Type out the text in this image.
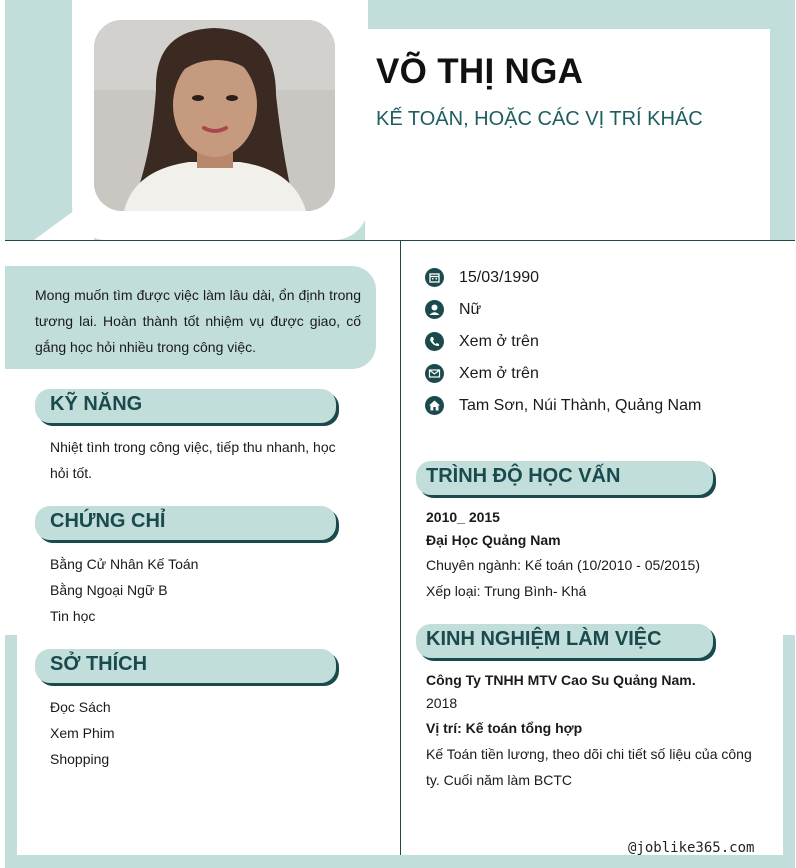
VÕ THỊ NGA
KẾ TOÁN, HOẶC CÁC VỊ TRÍ KHÁC
Mong muốn tìm được việc làm lâu dài, ổn định trong tương lai. Hoàn thành tốt nhiệm vụ được giao, cố gắng học hỏi nhiều trong công việc.
KỸ NĂNG
Nhiệt tình trong công việc, tiếp thu nhanh, học hỏi tốt.
CHỨNG CHỈ
Bằng Cử Nhân Kế Toán
Bằng Ngoại Ngữ B
Tin học
SỞ THÍCH
Đọc Sách
Xem Phim
Shopping
15/03/1990
Nữ
Xem ở trên
Xem ở trên
Tam Sơn, Núi Thành, Quảng Nam
TRÌNH ĐỘ HỌC VẤN
2010_ 2015
Đại Học Quảng Nam
Chuyên ngành: Kế toán (10/2010 - 05/2015)
Xếp loại: Trung Bình- Khá
KINH NGHIỆM LÀM VIỆC
Công Ty TNHH MTV Cao Su Quảng Nam.
2018
Vị trí: Kế toán tổng hợp
Kế Toán tiền lương, theo dõi chi tiết số liệu của công ty. Cuối năm làm BCTC
@joblike365.com
